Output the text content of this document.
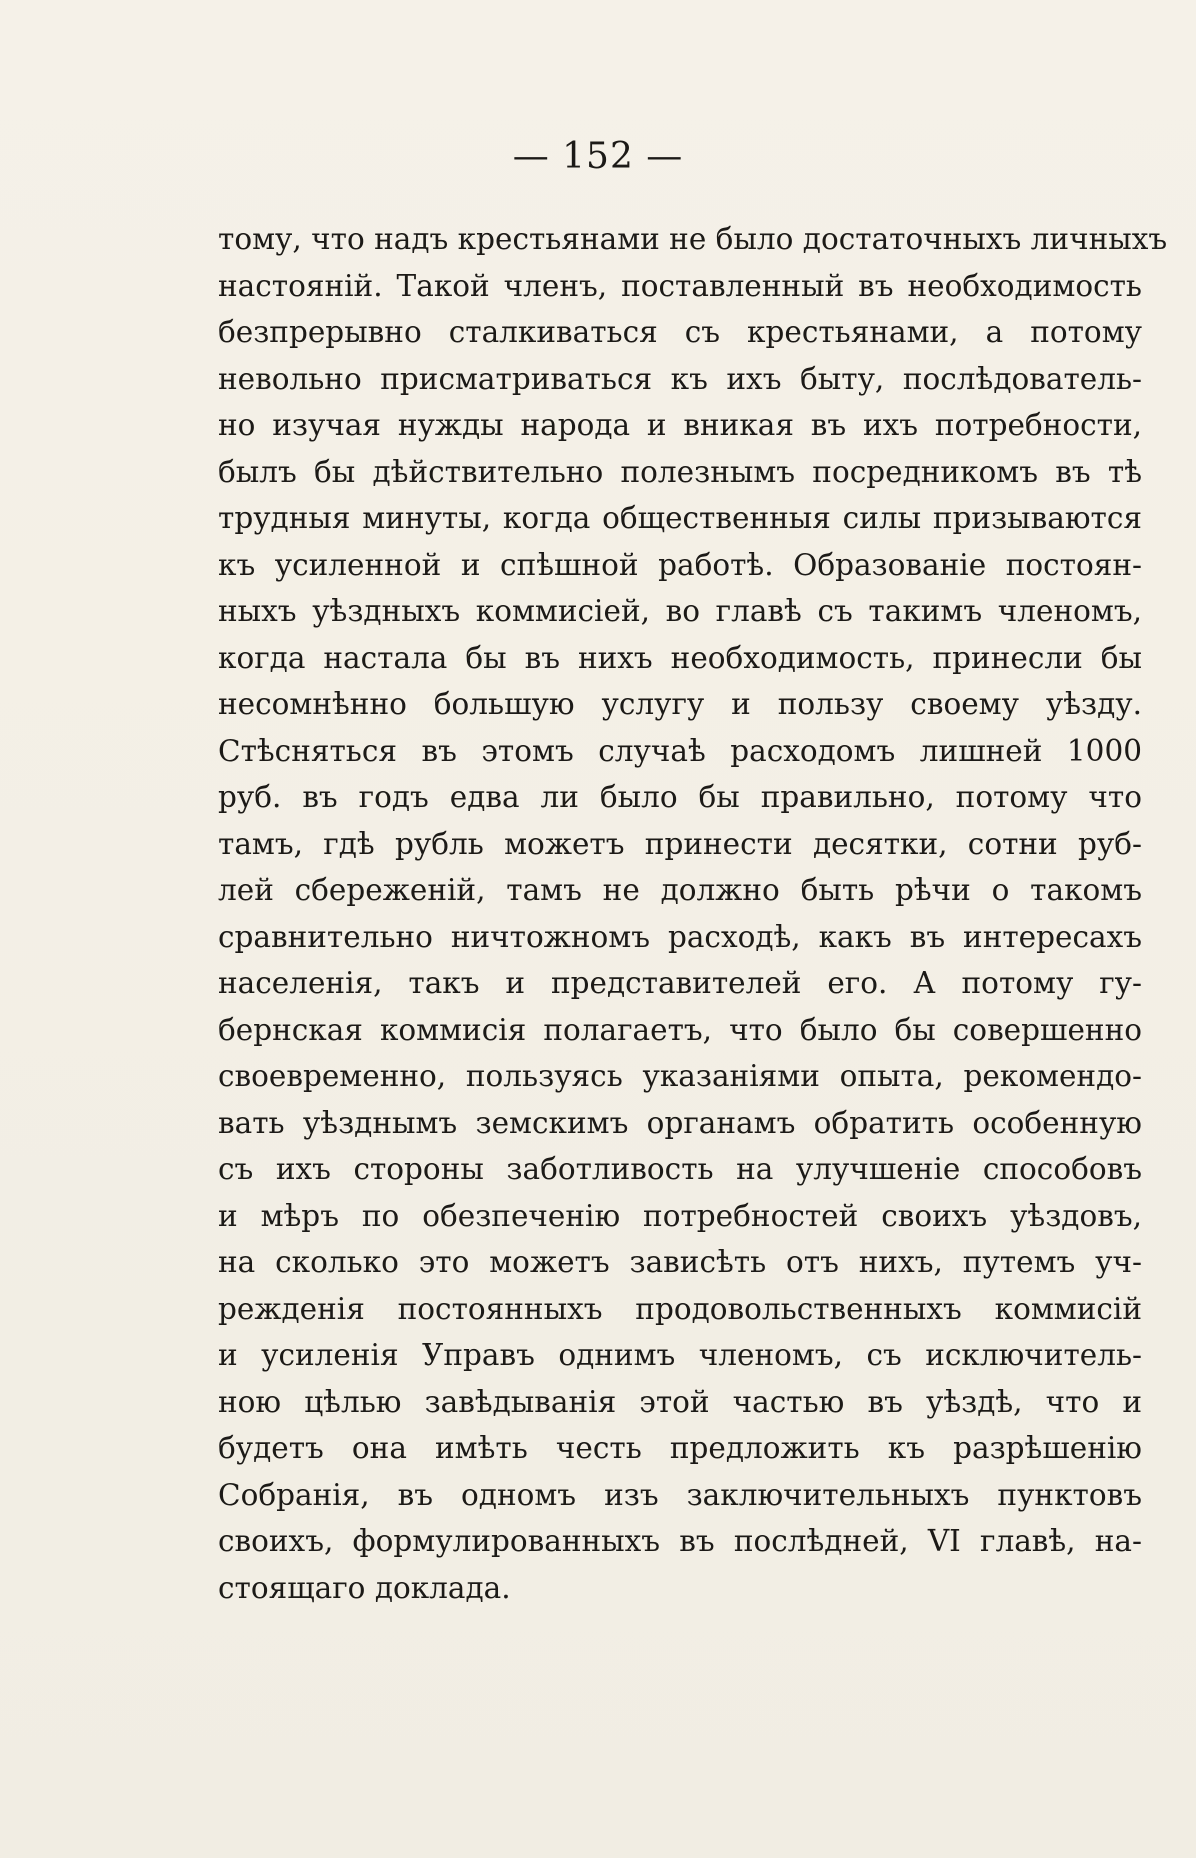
— 152 —
тому, что надъ крестьянами не было достаточныхъ личныхъ
настояній. Такой членъ, поставленный въ необходимость
безпрерывно сталкиваться съ крестьянами, а потому
невольно присматриваться къ ихъ быту, послѣдователь-
но изучая нужды народа и вникая въ ихъ потребности,
былъ бы дѣйствительно полезнымъ посредникомъ въ тѣ
трудныя минуты, когда общественныя силы призываются
къ усиленной и спѣшной работѣ. Образованіе постоян-
ныхъ уѣздныхъ коммисіей, во главѣ съ такимъ членомъ,
когда настала бы въ нихъ необходимость, принесли бы
несомнѣнно большую услугу и пользу своему уѣзду.
Стѣсняться въ этомъ случаѣ расходомъ лишней 1000
руб. въ годъ едва ли было бы правильно, потому что
тамъ, гдѣ рубль можетъ принести десятки, сотни руб-
лей сбереженій, тамъ не должно быть рѣчи о такомъ
сравнительно ничтожномъ расходѣ, какъ въ интересахъ
населенія, такъ и представителей его. А потому гу-
бернская коммисія полагаетъ, что было бы совершенно
своевременно, пользуясь указаніями опыта, рекомендо-
вать уѣзднымъ земскимъ органамъ обратить особенную
съ ихъ стороны заботливость на улучшеніе способовъ
и мѣръ по обезпеченію потребностей своихъ уѣздовъ,
на сколько это можетъ зависѣть отъ нихъ, путемъ уч-
режденія постоянныхъ продовольственныхъ коммисій
и усиленія Управъ однимъ членомъ, съ исключитель-
ною цѣлью завѣдыванія этой частью въ уѣздѣ, что и
будетъ она имѣть честь предложить къ разрѣшенію
Собранія, въ одномъ изъ заключительныхъ пунктовъ
своихъ, формулированныхъ въ послѣдней, VI главѣ, на-
стоящаго доклада.
